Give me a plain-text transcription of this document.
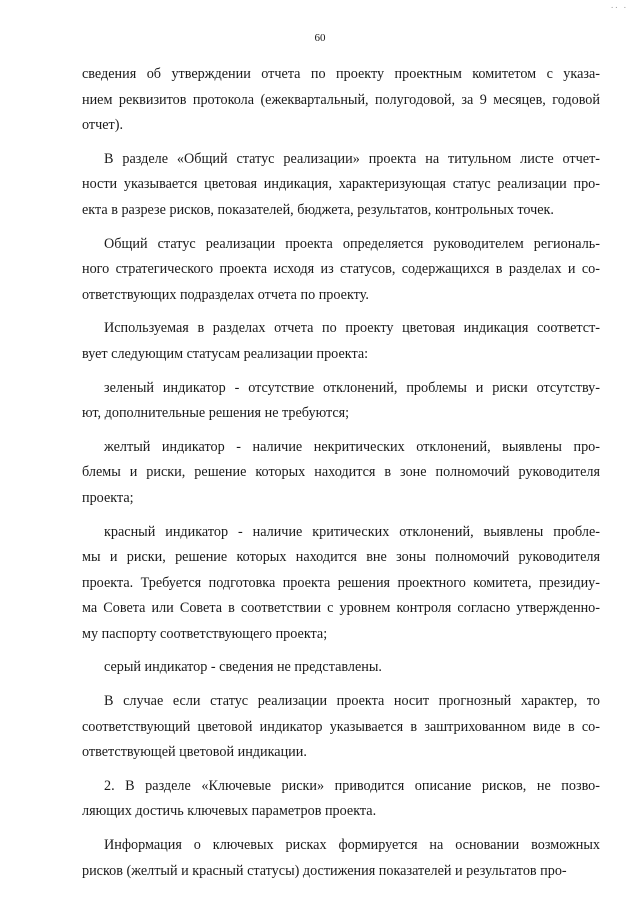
.. .
60

сведения об утверждении отчета по проекту проектным комитетом с указа-
нием реквизитов протокола (ежеквартальный, полугодовой, за 9 месяцев, годовой
отчет).

В разделе «Общий статус реализации» проекта на титульном листе отчет-
ности указывается цветовая индикация, характеризующая статус реализации про-
екта в разрезе рисков, показателей, бюджета, результатов, контрольных точек.

Общий статус реализации проекта определяется руководителем региональ-
ного стратегического проекта исходя из статусов, содержащихся в разделах и со-
ответствующих подразделах отчета по проекту.

Используемая в разделах отчета по проекту цветовая индикация соответст-
вует следующим статусам реализации проекта:

зеленый индикатор - отсутствие отклонений, проблемы и риски отсутству-
ют, дополнительные решения не требуются;

желтый индикатор - наличие некритических отклонений, выявлены про-
блемы и риски, решение которых находится в зоне полномочий руководителя
проекта;

красный индикатор - наличие критических отклонений, выявлены пробле-
мы и риски, решение которых находится вне зоны полномочий руководителя
проекта. Требуется подготовка проекта решения проектного комитета, президиу-
ма Совета или Совета в соответствии с уровнем контроля согласно утвержденно-
му паспорту соответствующего проекта;

серый индикатор - сведения не представлены.

В случае если статус реализации проекта носит прогнозный характер, то
соответствующий цветовой индикатор указывается в заштрихованном виде в со-
ответствующей цветовой индикации.

2. В разделе «Ключевые риски» приводится описание рисков, не позво-
ляющих достичь ключевых параметров проекта.

Информация о ключевых рисках формируется на основании возможных
рисков (желтый и красный статусы) достижения показателей и результатов про-
